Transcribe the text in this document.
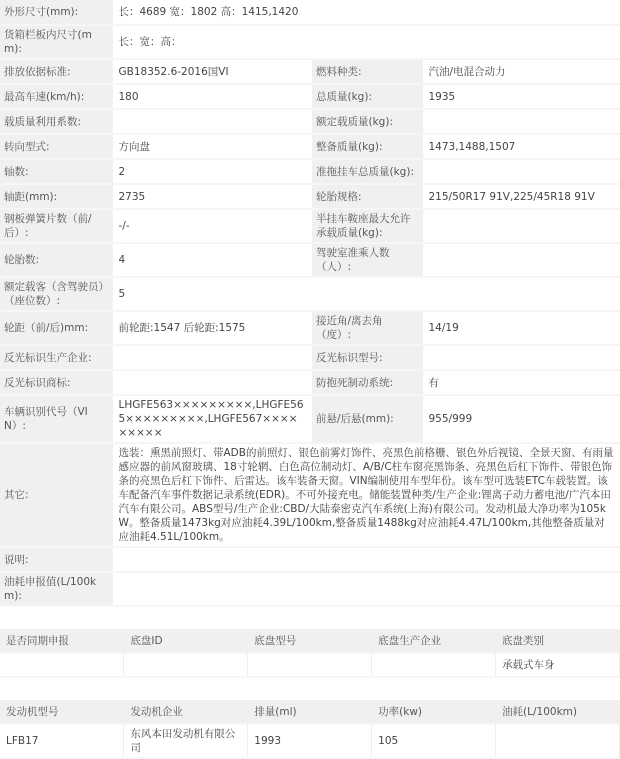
外形尺寸(mm):	长：4689 宽：1802 高：1415,1420		
货箱栏板内尺寸(mm):	长：宽：高：		
排放依据标准:	GB18352.6-2016国VI	燃料种类:	汽油/电混合动力
最高车速(km/h):	180	总质量(kg):	1935
载质量利用系数:		额定载质量(kg):	
转向型式:	方向盘	整备质量(kg):	1473,1488,1507
轴数:	2	准拖挂车总质量(kg):	
轴距(mm):	2735	轮胎规格:	215/50R17 91V,225/45R18 91V
钢板弹簧片数（前/后）:	-/-	半挂车鞍座最大允许承载质量(kg):	
轮胎数:	4	驾驶室准乘人数（人）:	
额定载客（含驾驶员）（座位数）:	5		
轮距（前/后)mm:	前轮距:1547 后轮距:1575	接近角/离去角（度）:	14/19
反光标识生产企业:		反光标识型号:	
反光标识商标:		防抱死制动系统:	有
车辆识别代号（VIN）:	LHGFE563×××××××××,LHGFE565×××××××××,LHGFE567×××××××××	前悬/后悬(mm):	955/999
其它:	选装：熏黑前照灯、带ADB的前照灯、银色前雾灯饰件、亮黑色前格栅、银色外后视镜、全景天窗、有雨量感应器的前风窗玻璃、18寸轮辋、白色高位制动灯、A/B/C柱车窗亮黑饰条、亮黑色后杠下饰件、带银色饰条的亮黑色后杠下饰件、后雷达。该车装备天窗。VIN编制使用车型年份。该车型可选装ETC车载装置。该车配备汽车事件数据记录系统(EDR)。不可外接充电。储能装置种类/生产企业:锂离子动力蓄电池/广汽本田汽车有限公司。ABS型号/生产企业:CBD/大陆泰密克汽车系统(上海)有限公司。发动机最大净功率为105kW。整备质量1473kg对应油耗4.39L/100km,整备质量1488kg对应油耗4.47L/100km,其他整备质量对应油耗4.51L/100km。		
说明:			
油耗申报值(L/100km):			
是否同期申报	底盘ID	底盘型号	底盘生产企业	底盘类别
				承载式车身
发动机型号	发动机企业	排量(ml)	功率(kw)	油耗(L/100km)
LFB17	东风本田发动机有限公司	1993	105	
